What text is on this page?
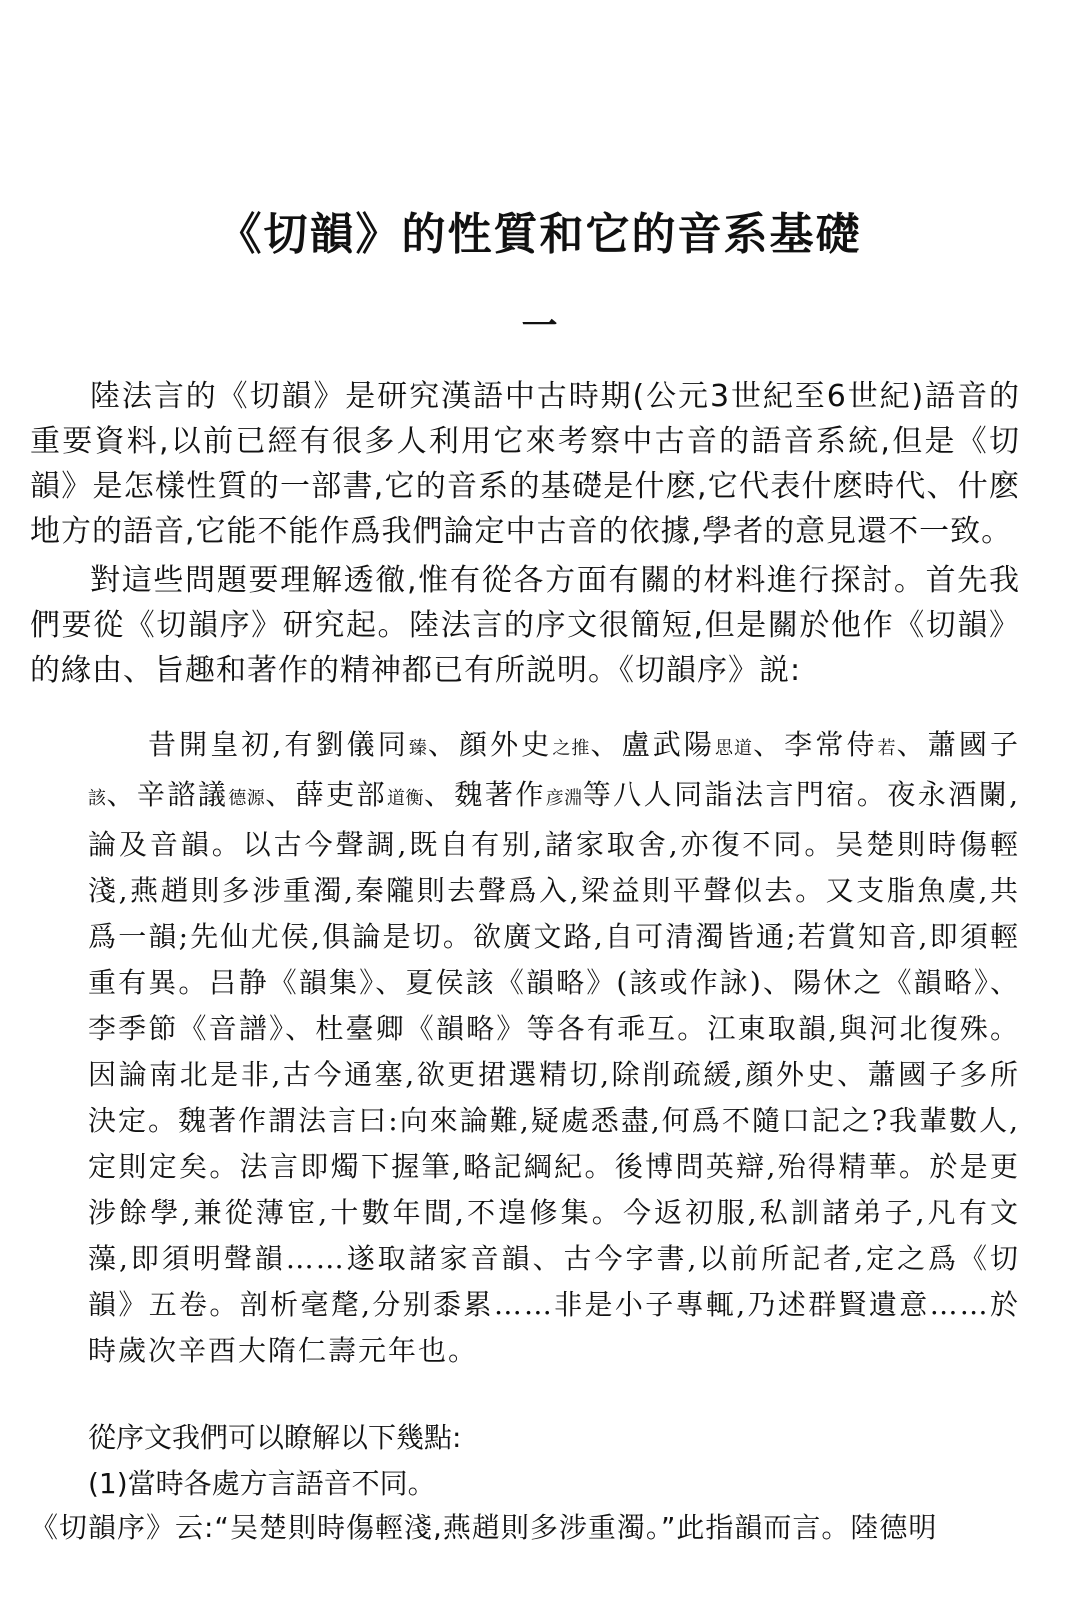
《切韻》的性質和它的音系基礎
一

陸法言的《切韻》是研究漢語中古時期(公元3世紀至6世紀)語音的重要資料,以前已經有很多人利用它來考察中古音的語音系統,但是《切韻》是怎樣性質的一部書,它的音系的基礎是什麽,它代表什麽時代、什麽地方的語音,它能不能作爲我們論定中古音的依據,學者的意見還不一致。

對這些問題要理解透徹,惟有從各方面有關的材料進行探討。首先我們要從《切韻序》研究起。陸法言的序文很簡短,但是關於他作《切韻》的緣由、旨趣和著作的精神都已有所説明。《切韻序》説:

昔開皇初,有劉儀同臻、顔外史之推、盧武陽思道、李常侍若、蕭國子該、辛諮議德源、薛吏部道衡、魏著作彦淵等八人同詣法言門宿。夜永酒闌,論及音韻。以古今聲調,既自有别,諸家取舍,亦復不同。吴楚則時傷輕淺,燕趙則多涉重濁,秦隴則去聲爲入,梁益則平聲似去。又支脂魚虞,共爲一韻;先仙尤侯,俱論是切。欲廣文路,自可清濁皆通;若賞知音,即須輕重有異。吕静《韻集》、夏侯該《韻略》(該或作詠)、陽休之《韻略》、李季節《音譜》、杜臺卿《韻略》等各有乖互。江東取韻,與河北復殊。因論南北是非,古今通塞,欲更捃選精切,除削疏緩,顔外史、蕭國子多所決定。魏著作謂法言曰:向來論難,疑處悉盡,何爲不隨口記之?我輩數人,定則定矣。法言即燭下握筆,略記綱紀。後博問英辯,殆得精華。於是更涉餘學,兼從薄宦,十數年間,不遑修集。今返初服,私訓諸弟子,凡有文藻,即須明聲韻……遂取諸家音韻、古今字書,以前所記者,定之爲《切韻》五卷。剖析毫氂,分别黍累……非是小子專輒,乃述群賢遺意……於時歲次辛酉大隋仁壽元年也。

從序文我們可以瞭解以下幾點:

(1)當時各處方言語音不同。

《切韻序》云:“吴楚則時傷輕淺,燕趙則多涉重濁。”此指韻而言。陸德明
